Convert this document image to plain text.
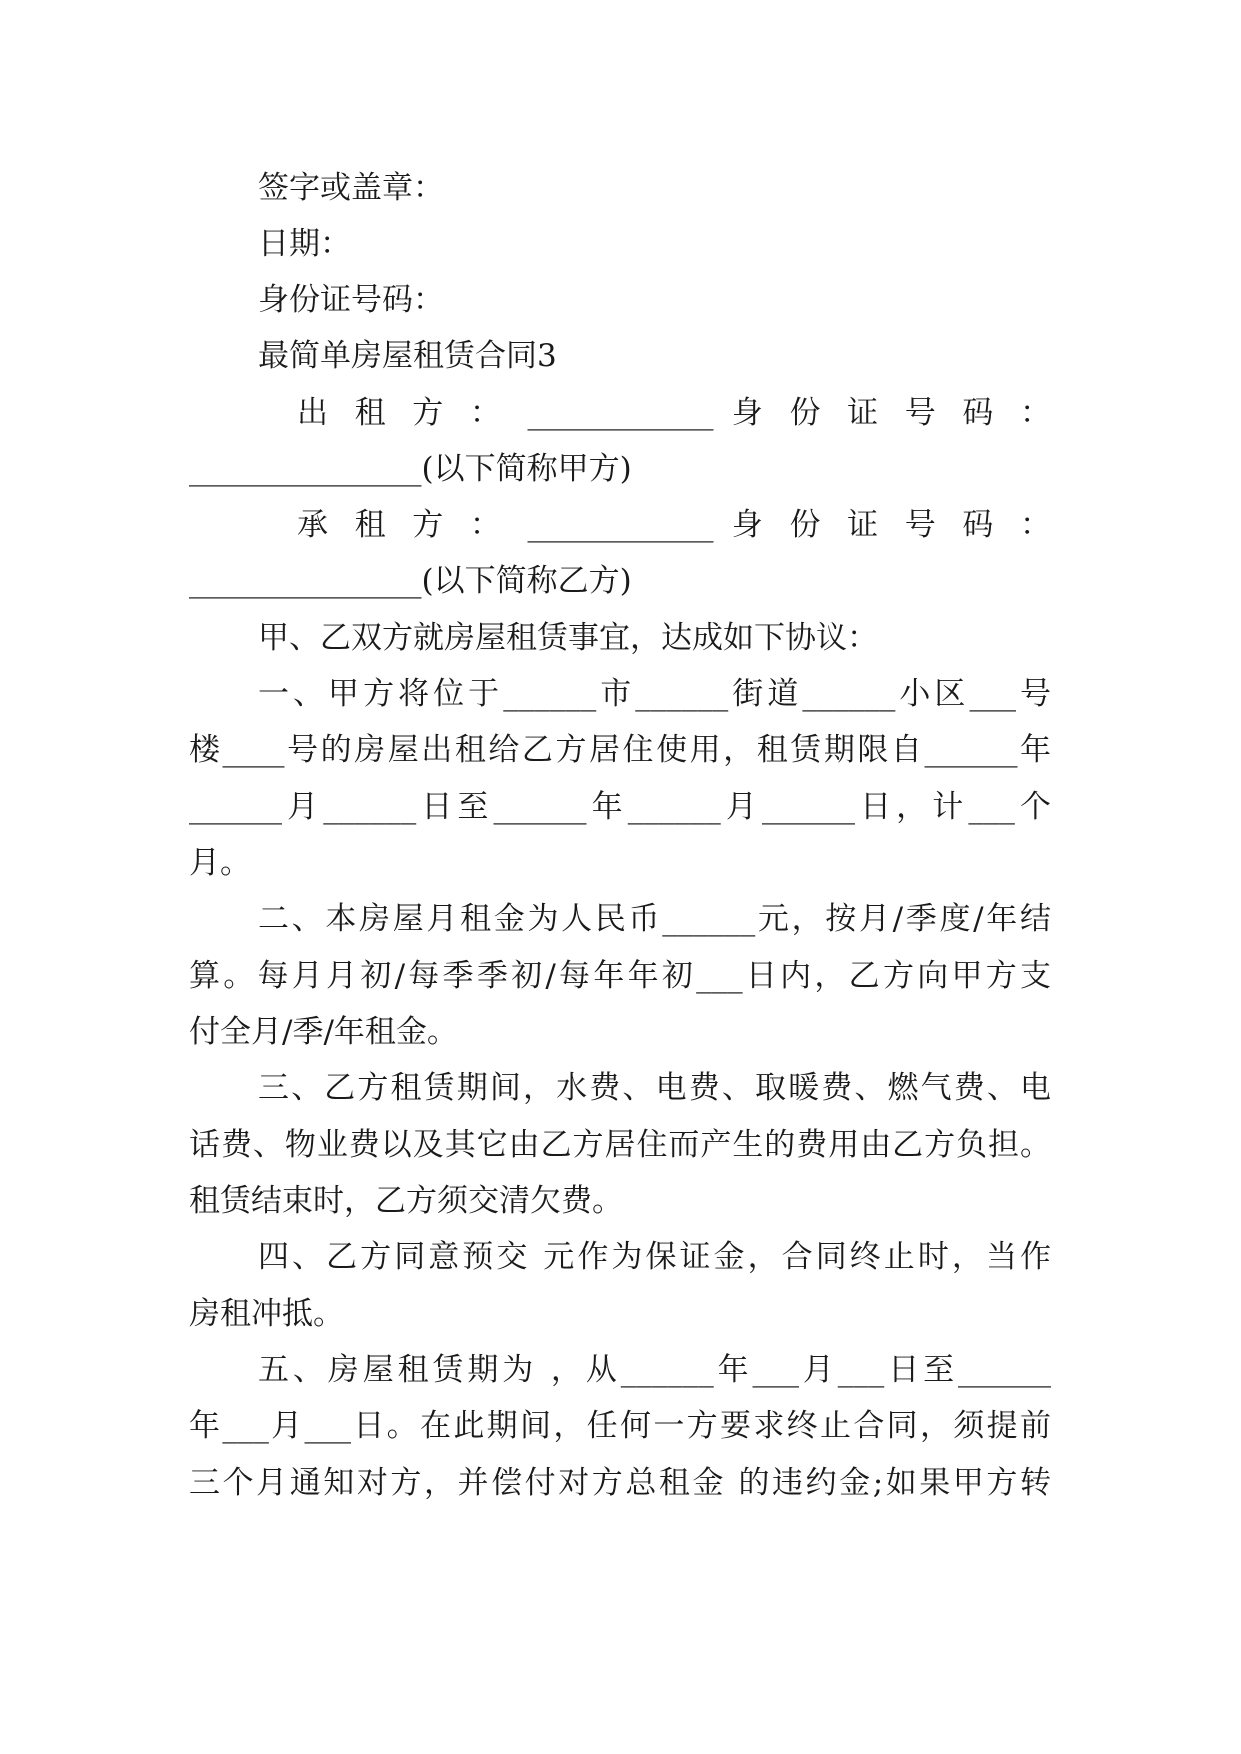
签字或盖章：
日期：
身份证号码：
最简单房屋租赁合同3
出 租 方 ： ____________ 身 份 证 号 码 ：
_______________(以下简称甲方)
承 租 方 ： ____________ 身 份 证 号 码 ：
_______________(以下简称乙方)
甲、乙双方就房屋租赁事宜，达成如下协议：
一、甲方将位于______市______街道______小区___号
楼____号的房屋出租给乙方居住使用，租赁期限自______年
______月______日至______年______月______日，计___个
月。
二、本房屋月租金为人民币______元，按月/季度/年结
算。每月月初/每季季初/每年年初___日内，乙方向甲方支
付全月/季/年租金。
三、乙方租赁期间，水费、电费、取暖费、燃气费、电
话费、物业费以及其它由乙方居住而产生的费用由乙方负担。
租赁结束时，乙方须交清欠费。
四、乙方同意预交 元作为保证金，合同终止时，当作
房租冲抵。
五、房屋租赁期为 ，从______年___月___日至______
年___月___日。在此期间，任何一方要求终止合同，须提前
三个月通知对方，并偿付对方总租金 的违约金;如果甲方转
